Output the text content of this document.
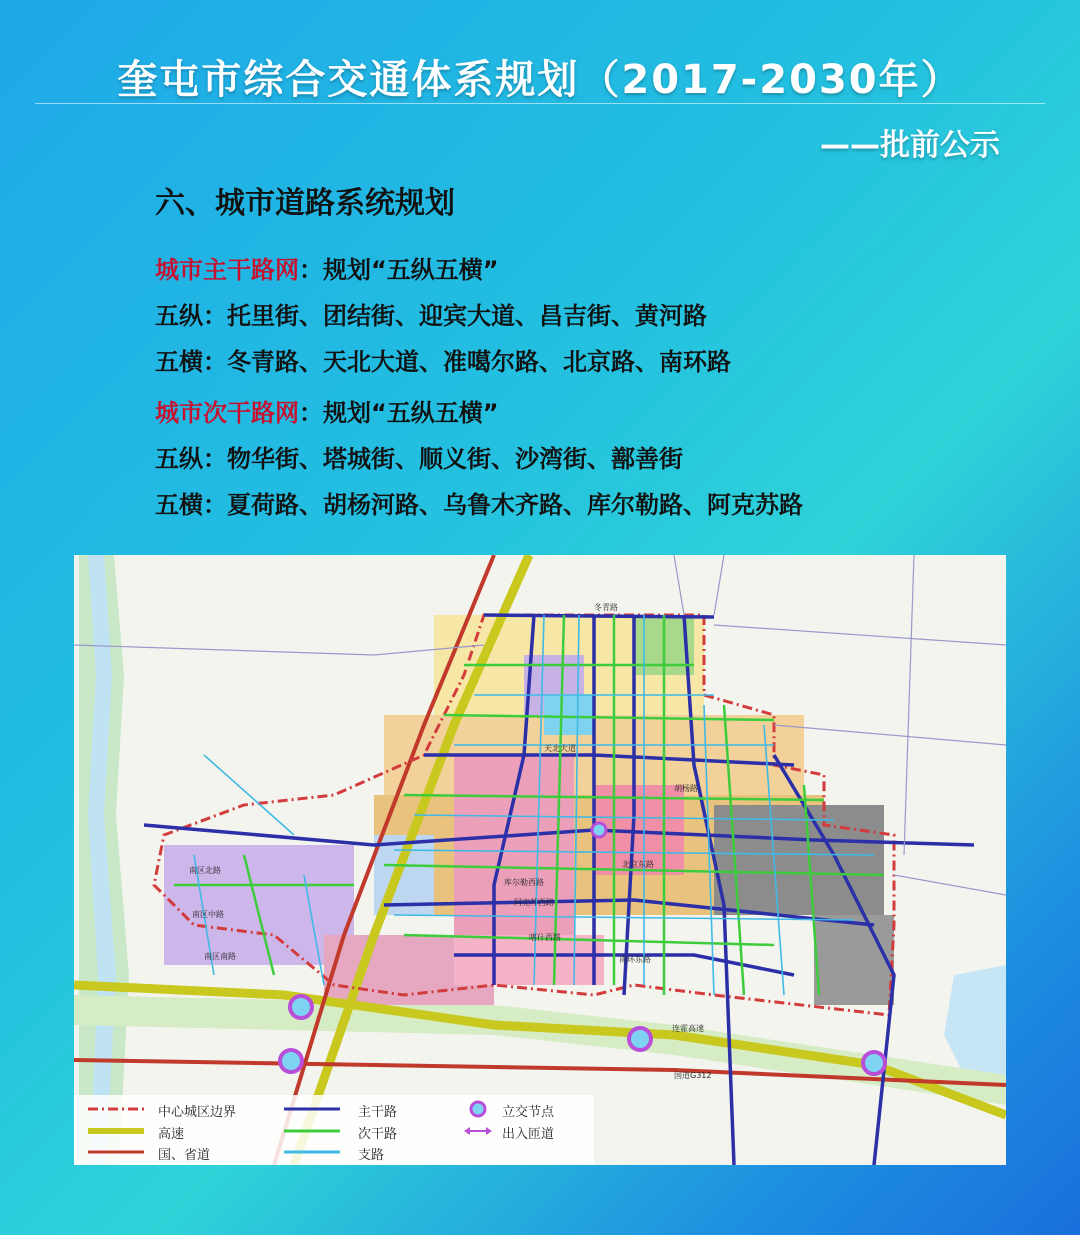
奎屯市综合交通体系规划（2017-2030年）
——批前公示
六、城市道路系统规划
城市主干路网：规划“五纵五横”
五纵：托里街、团结街、迎宾大道、昌吉街、黄河路
五横：冬青路、天北大道、准噶尔路、北京路、南环路
城市次干路网：规划“五纵五横”
五纵：物华街、塔城街、顺义街、沙湾街、鄯善街
五横：夏荷路、胡杨河路、乌鲁木齐路、库尔勒路、阿克苏路
冬青路
连霍高速
国道G312
天北大道
北京东路
阿克苏西路
南环东路
胡杨路
南区北路
南区中路
南区南路
库尔勒西路
喀什西路
中心城区边界
高速
国、省道
主干路
次干路
支路
立交节点
出入匝道
